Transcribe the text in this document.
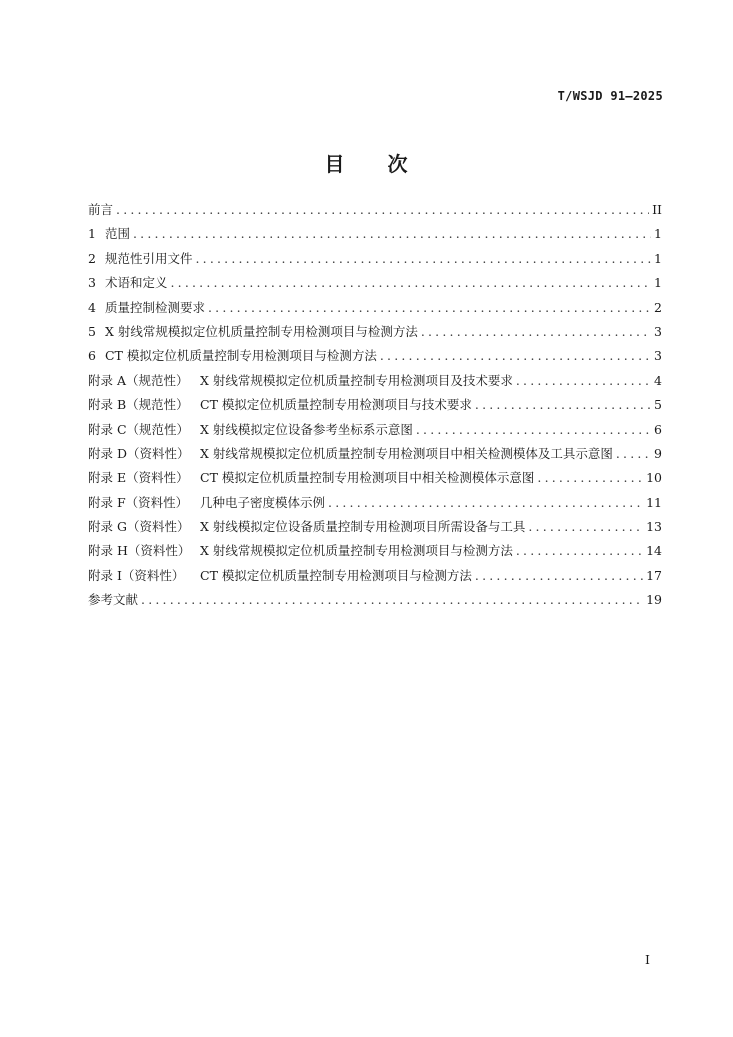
T/WSJD 91—2025
目　　次
前言 .....	II
1 范围 .....	1
2 规范性引用文件 .....	1
3 术语和定义 .....	1
4 质量控制检测要求 .....	2
5 X 射线常规模拟定位机质量控制专用检测项目与检测方法 .....	3
6 CT 模拟定位机质量控制专用检测项目与检测方法 .....	3
附录 A（规范性） X 射线常规模拟定位机质量控制专用检测项目及技术要求 .....	4
附录 B（规范性） CT 模拟定位机质量控制专用检测项目与技术要求 .....	5
附录 C（规范性） X 射线模拟定位设备参考坐标系示意图 .....	6
附录 D（资料性） X 射线常规模拟定位机质量控制专用检测项目中相关检测模体及工具示意图 .....	9
附录 E（资料性） CT 模拟定位机质量控制专用检测项目中相关检测模体示意图 .....	10
附录 F（资料性） 几种电子密度模体示例 .....	11
附录 G（资料性） X 射线模拟定位设备质量控制专用检测项目所需设备与工具 .....	13
附录 H（资料性） X 射线常规模拟定位机质量控制专用检测项目与检测方法 .....	14
附录 I（资料性）	CT 模拟定位机质量控制专用检测项目与检测方法 .....	17
参考文献 .....	19
I
